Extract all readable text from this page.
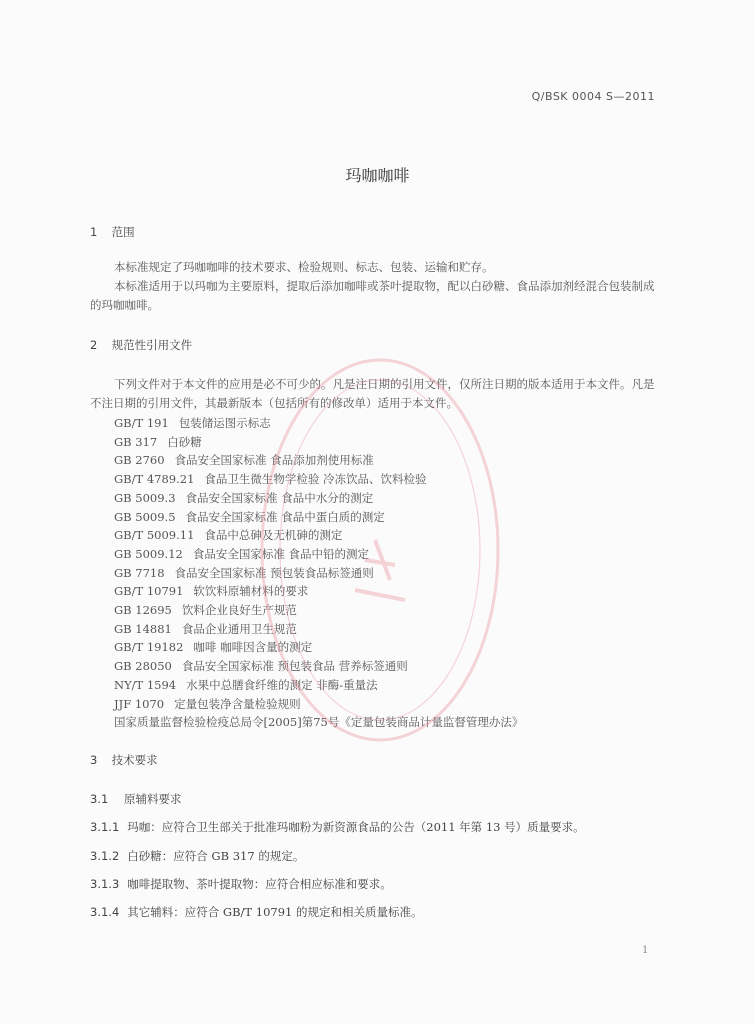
Q/BSK 0004 S—2011
玛咖咖啡
1 范围
本标准规定了玛咖咖啡的技术要求、检验规则、标志、包装、运输和贮存。
本标准适用于以玛咖为主要原料，提取后添加咖啡或茶叶提取物，配以白砂糖、食品添加剂经混合包装制成的玛咖咖啡。
2 规范性引用文件
下列文件对于本文件的应用是必不可少的。凡是注日期的引用文件，仅所注日期的版本适用于本文件。凡是不注日期的引用文件，其最新版本（包括所有的修改单）适用于本文件。
GB/T 191 包装储运图示标志
GB 317 白砂糖
GB 2760 食品安全国家标准 食品添加剂使用标准
GB/T 4789.21 食品卫生微生物学检验 冷冻饮品、饮料检验
GB 5009.3 食品安全国家标准 食品中水分的测定
GB 5009.5 食品安全国家标准 食品中蛋白质的测定
GB/T 5009.11 食品中总砷及无机砷的测定
GB 5009.12 食品安全国家标准 食品中铅的测定
GB 7718 食品安全国家标准 预包装食品标签通则
GB/T 10791 软饮料原辅材料的要求
GB 12695 饮料企业良好生产规范
GB 14881 食品企业通用卫生规范
GB/T 19182 咖啡 咖啡因含量的测定
GB 28050 食品安全国家标准 预包装食品 营养标签通则
NY/T 1594 水果中总膳食纤维的测定 非酶-重量法
JJF 1070 定量包装净含量检验规则
国家质量监督检验检疫总局令[2005]第75号《定量包装商品计量监督管理办法》
3 技术要求
3.1 原辅料要求
3.1.1 玛咖：应符合卫生部关于批准玛咖粉为新资源食品的公告（2011 年第 13 号）质量要求。
3.1.2 白砂糖：应符合 GB 317 的规定。
3.1.3 咖啡提取物、茶叶提取物：应符合相应标准和要求。
3.1.4 其它辅料：应符合 GB/T 10791 的规定和相关质量标准。
1
